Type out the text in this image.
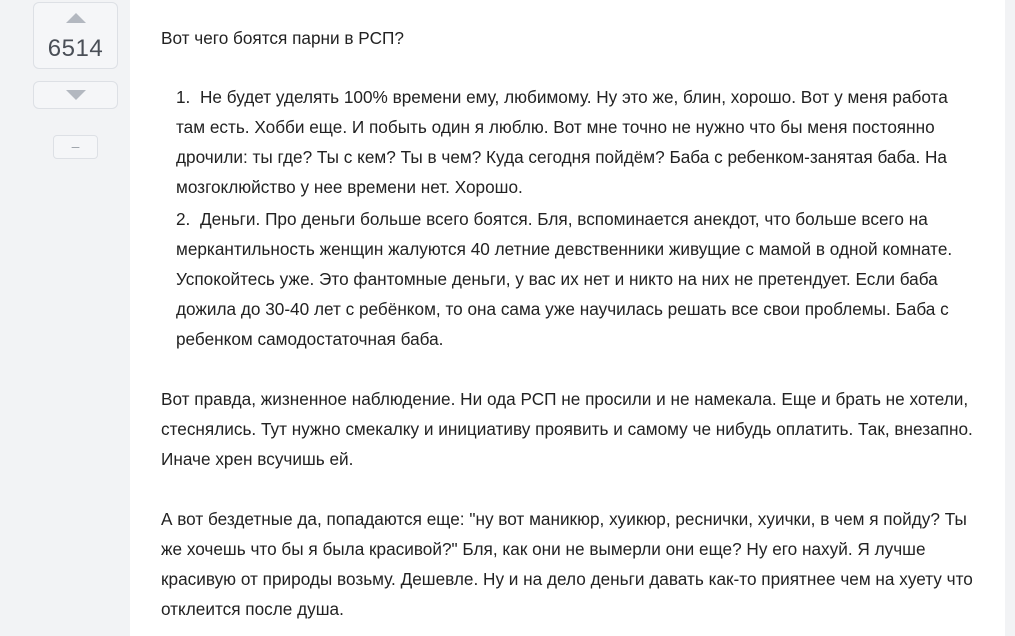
6514
–

Вот чего боятся парни в РСП?

1. Не будет уделять 100% времени ему, любимому. Ну это же, блин, хорошо. Вот у меня работа там есть. Хобби еще. И побыть один я люблю. Вот мне точно не нужно что бы меня постоянно дрочили: ты где? Ты с кем? Ты в чем? Куда сегодня пойдём? Баба с ребенком-занятая баба. На мозгоклюйство у нее времени нет. Хорошо.
2. Деньги. Про деньги больше всего боятся. Бля, вспоминается анекдот, что больше всего на меркантильность женщин жалуются 40 летние девственники живущие с мамой в одной комнате. Успокойтесь уже. Это фантомные деньги, у вас их нет и никто на них не претендует. Если баба дожила до 30-40 лет с ребёнком, то она сама уже научилась решать все свои проблемы. Баба с ребенком самодостаточная баба.

Вот правда, жизненное наблюдение. Ни ода РСП не просили и не намекала. Еще и брать не хотели, стеснялись. Тут нужно смекалку и инициативу проявить и самому че нибудь оплатить. Так, внезапно. Иначе хрен всучишь ей.

А вот бездетные да, попадаются еще: "ну вот маникюр, хуикюр, реснички, хуички, в чем я пойду? Ты же хочешь что бы я была красивой?" Бля, как они не вымерли они еще? Ну его нахуй. Я лучше красивую от природы возьму. Дешевле. Ну и на дело деньги давать как-то приятнее чем на хуету что отклеится после душа.
